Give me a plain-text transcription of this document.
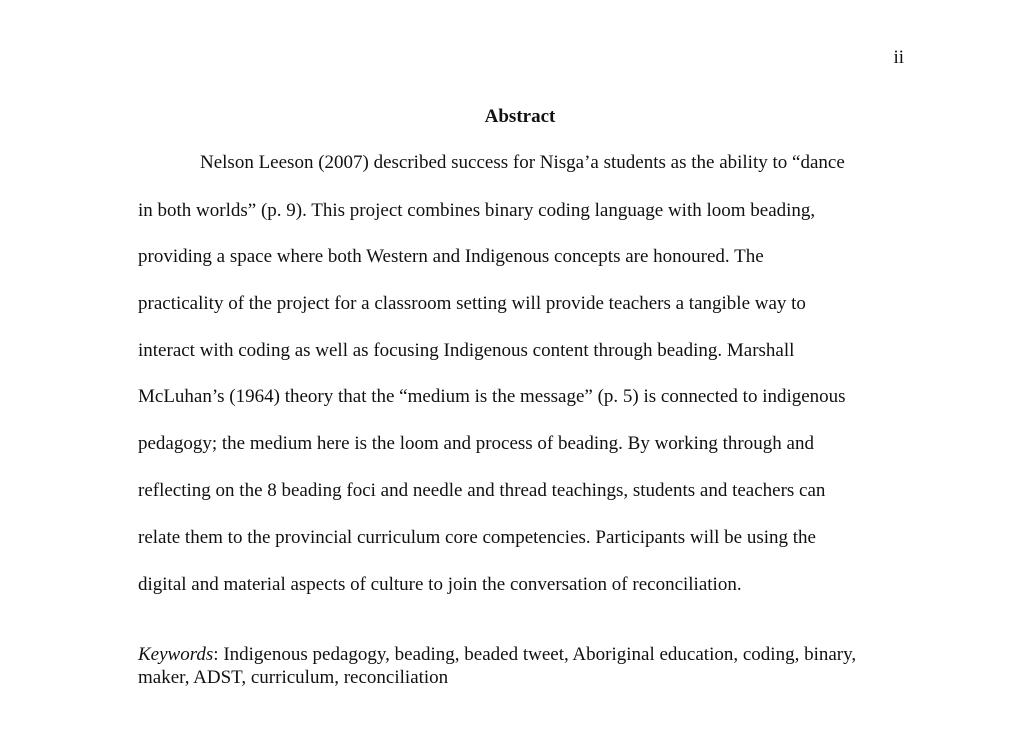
ii
Abstract
Nelson Leeson (2007) described success for Nisga’a students as the ability to “dance
in both worlds” (p. 9). This project combines binary coding language with loom beading,
providing a space where both Western and Indigenous concepts are honoured. The
practicality of the project for a classroom setting will provide teachers a tangible way to
interact with coding as well as focusing Indigenous content through beading. Marshall
McLuhan’s (1964) theory that the “medium is the message” (p. 5) is connected to indigenous
pedagogy; the medium here is the loom and process of beading. By working through and
reflecting on the 8 beading foci and needle and thread teachings, students and teachers can
relate them to the provincial curriculum core competencies. Participants will be using the
digital and material aspects of culture to join the conversation of reconciliation.
Keywords: Indigenous pedagogy, beading, beaded tweet, Aboriginal education, coding, binary, maker, ADST, curriculum, reconciliation
